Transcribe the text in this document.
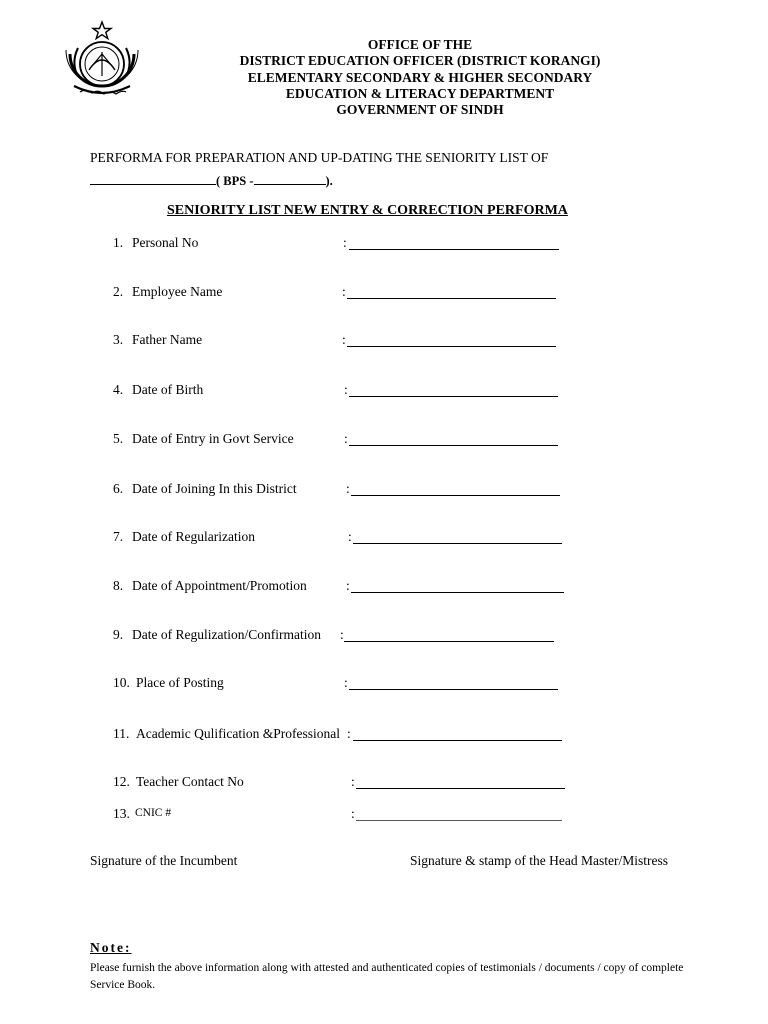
OFFICE OF THE
DISTRICT EDUCATION OFFICER (DISTRICT KORANGI)
ELEMENTARY SECONDARY & HIGHER SECONDARY
EDUCATION & LITERACY DEPARTMENT
GOVERNMENT OF SINDH
PERFORMA FOR PREPARATION AND UP-DATING THE SENIORITY LIST OF
( BPS -	).
SENIORITY LIST NEW ENTRY & CORRECTION PERFORMA
1. Personal No	:
2. Employee Name	:
3. Father Name	:
4. Date of Birth	:
5. Date of Entry in Govt Service	:
6. Date of Joining In this District	:
7. Date of Regularization	:
8. Date of Appointment/Promotion	:
9. Date of Regulization/Confirmation :
10. Place of Posting	:
11. Academic Qulification &Professional :
12. Teacher Contact No	:
13. CNIC #	:
Signature of the Incumbent	Signature & stamp of the Head Master/Mistress
Note:
Please furnish the above information along with attested and authenticated copies of testimonials / documents / copy of complete Service Book.
